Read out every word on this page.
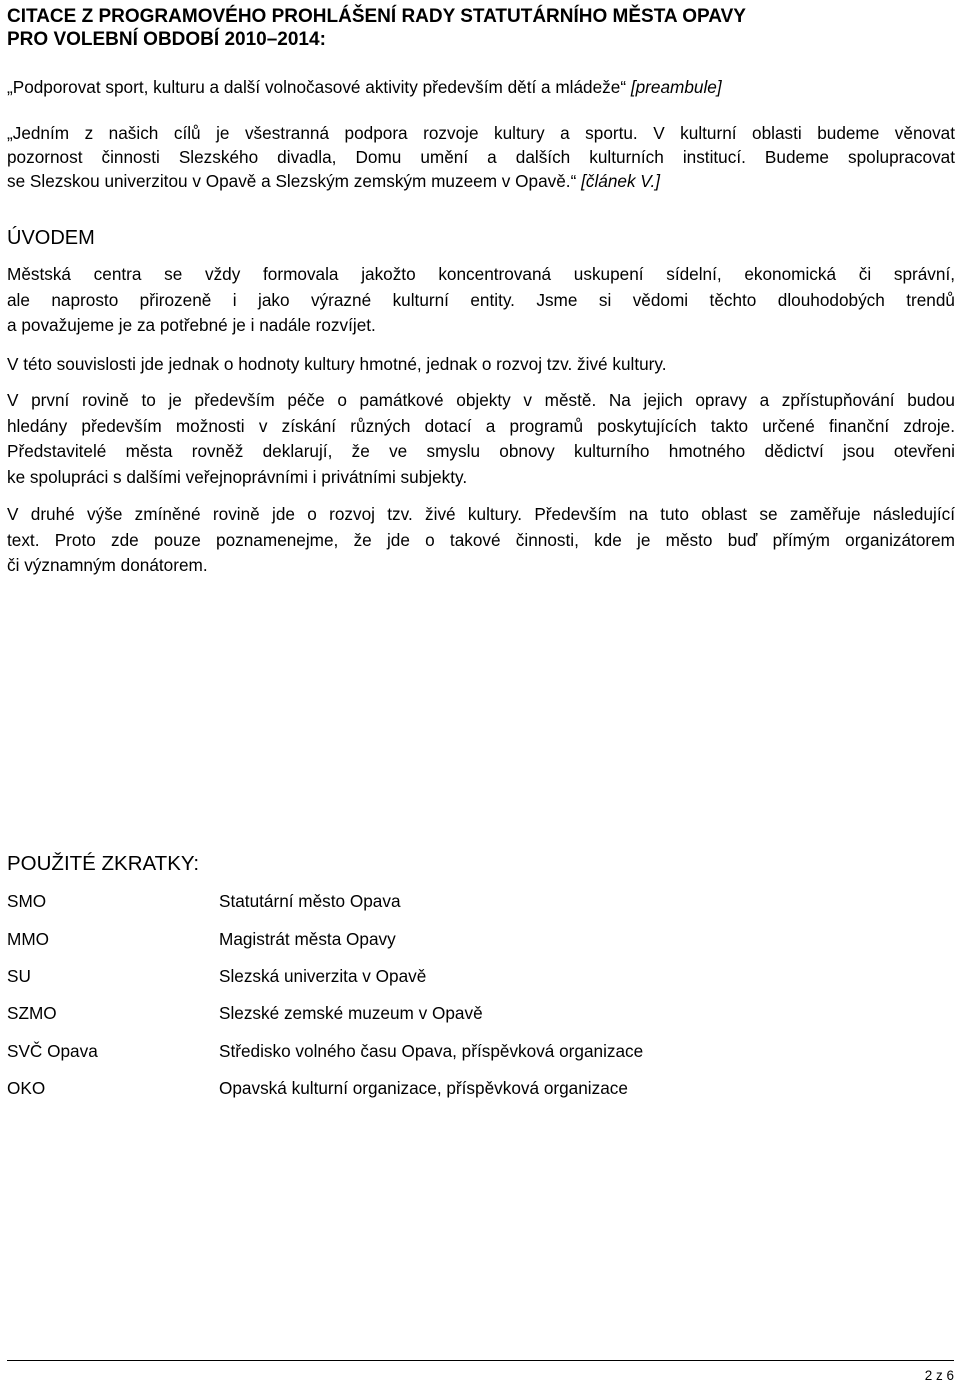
CITACE Z PROGRAMOVÉHO PROHLÁŠENÍ RADY STATUTÁRNÍHO MĚSTA OPAVY
PRO VOLEBNÍ OBDOBÍ 2010–2014:

„Podporovat sport, kulturu a další volnočasové aktivity především dětí a mládeže“ [preambule]

„Jedním z našich cílů je všestranná podpora rozvoje kultury a sportu. V kulturní oblasti budeme věnovat
pozornost činnosti Slezského divadla, Domu umění a dalších kulturních institucí. Budeme spolupracovat
se Slezskou univerzitou v Opavě a Slezským zemským muzeem v Opavě.“ [článek V.]
ÚVODEM
Městská centra se vždy formovala jakožto koncentrovaná uskupení sídelní, ekonomická či správní,
ale naprosto přirozeně i jako výrazné kulturní entity. Jsme si vědomi těchto dlouhodobých trendů
a považujeme je za potřebné je i nadále rozvíjet.
V této souvislosti jde jednak o hodnoty kultury hmotné, jednak o rozvoj tzv. živé kultury.
V první rovině to je především péče o památkové objekty v městě. Na jejich opravy a zpřístupňování budou
hledány především možnosti v získání různých dotací a programů poskytujících takto určené finanční zdroje.
Představitelé města rovněž deklarují, že ve smyslu obnovy kulturního hmotného dědictví jsou otevřeni
ke spolupráci s dalšími veřejnoprávními i privátními subjekty.
V druhé výše zmíněné rovině jde o rozvoj tzv. živé kultury. Především na tuto oblast se zaměřuje následující
text. Proto zde pouze poznamenejme, že jde o takové činnosti, kde je město buď přímým organizátorem
či významným donátorem.
POUŽITÉ ZKRATKY:
SMO	Statutární město Opava
MMO	Magistrát města Opavy
SU	Slezská univerzita v Opavě
SZMO	Slezské zemské muzeum v Opavě
SVČ Opava	Středisko volného času Opava, příspěvková organizace
OKO	Opavská kulturní organizace, příspěvková organizace
2 z 6
